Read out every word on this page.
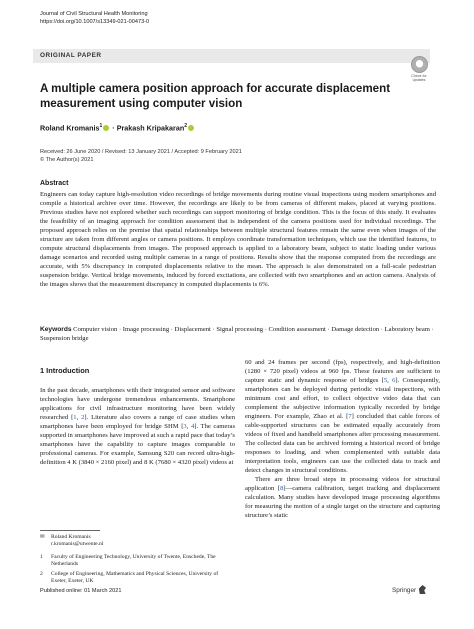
Journal of Civil Structural Health Monitoring
https://doi.org/10.1007/s13349-021-00473-0
ORIGINAL PAPER
Check for
updates
A multiple camera position approach for accurate displacement measurement using computer vision
Roland Kromanis$^1$ · Prakash Kripakaran$^2$
Received: 26 June 2020 / Revised: 13 January 2021 / Accepted: 9 February 2021
© The Author(s) 2021
Abstract
Engineers can today capture high-resolution video recordings of bridge movements during routine visual inspections using modern smartphones and compile a historical archive over time. However, the recordings are likely to be from cameras of different makes, placed at varying positions. Previous studies have not explored whether such recordings can support monitoring of bridge condition. This is the focus of this study. It evaluates the feasibility of an imaging approach for condition assessment that is independent of the camera positions used for individual recordings. The proposed approach relies on the premise that spatial relationships between multiple structural features remain the same even when images of the structure are taken from different angles or camera positions. It employs coordinate transformation techniques, which use the identified features, to compute structural displacements from images. The proposed approach is applied to a laboratory beam, subject to static loading under various damage scenarios and recorded using multiple cameras in a range of positions. Results show that the response computed from the recordings are accurate, with 5% discrepancy in computed displacements relative to the mean. The approach is also demonstrated on a full-scale pedestrian suspension bridge. Vertical bridge movements, induced by forced excitations, are collected with two smartphones and an action camera. Analysis of the images shows that the measurement discrepancy in computed displacements is 6%.
Keywords Computer vision · Image processing · Displacement · Signal processing · Condition assessment · Damage detection · Laboratory beam · Suspension bridge
1 Introduction
In the past decade, smartphones with their integrated sensor and software technologies have undergone tremendous enhancements. Smartphone applications for civil infrastructure monitoring have been widely researched [1, 2]. Literature also covers a range of case studies when smartphones have been employed for bridge SHM [3, 4]. The cameras supported in smartphones have improved at such a rapid pace that today’s smartphones have the capability to capture images comparable to professional cameras. For example, Samsung S20 can record ultra-high-definition 4 K (3840 × 2160 pixel) and 8 K (7680 × 4320 pixel) videos at
60 and 24 frames per second (fps), respectively, and high-definition (1280 × 720 pixel) videos at 960 fps. These features are sufficient to capture static and dynamic response of bridges [5, 6]. Consequently, smartphones can be deployed during periodic visual inspections, with minimum cost and effort, to collect objective video data that can complement the subjective information typically recorded by bridge engineers. For example, Zhao et al. [7] concluded that cable forces of cable-supported structures can be estimated equally accurately from videos of fixed and handheld smartphones after processing measurement. The collected data can be archived forming a historical record of bridge responses to loading, and when complemented with suitable data interpretation tools, engineers can use the collected data to track and detect changes in structural conditions.
There are three broad steps in processing videos for structural application [8]—camera calibration, target tracking and displacement calculation. Many studies have developed image processing algorithms for measuring the motion of a single target on the structure and capturing structure’s static
✉ Roland Kromanis
r.kromanis@utwente.nl
1 Faculty of Engineering Technology, University of Twente, Enschede, The Netherlands
2 College of Engineering, Mathematics and Physical Sciences, University of Exeter, Exeter, UK
Published online: 01 March 2021	Springer
